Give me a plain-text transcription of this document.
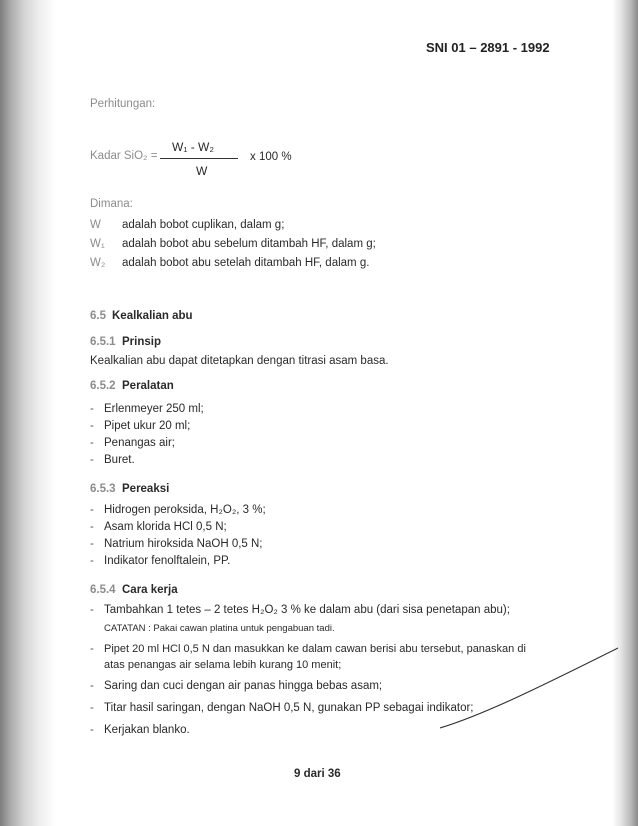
SNI 01 – 2891 - 1992
Perhitungan:
Kadar SiO₂ =
W₁ - W₂
W
x 100 %
Dimana:
W adalah bobot cuplikan, dalam g;
W₁ adalah bobot abu sebelum ditambah HF, dalam g;
W₂ adalah bobot abu setelah ditambah HF, dalam g.
6.5 Kealkalian abu
6.5.1 Prinsip
Kealkalian abu dapat ditetapkan dengan titrasi asam basa.
6.5.2 Peralatan
- Erlenmeyer 250 ml;
- Pipet ukur 20 ml;
- Penangas air;
- Buret.
6.5.3 Pereaksi
- Hidrogen peroksida, H₂O₂, 3 %;
- Asam klorida HCl 0,5 N;
- Natrium hiroksida NaOH 0,5 N;
- Indikator fenolftalein, PP.
6.5.4 Cara kerja
- Tambahkan 1 tetes – 2 tetes H₂O₂ 3 % ke dalam abu (dari sisa penetapan abu);
CATATAN : Pakai cawan platina untuk pengabuan tadi.
- Pipet 20 ml HCl 0,5 N dan masukkan ke dalam cawan berisi abu tersebut, panaskan di
atas penangas air selama lebih kurang 10 menit;
- Saring dan cuci dengan air panas hingga bebas asam;
- Titar hasil saringan, dengan NaOH 0,5 N, gunakan PP sebagai indikator;
- Kerjakan blanko.
9 dari 36
